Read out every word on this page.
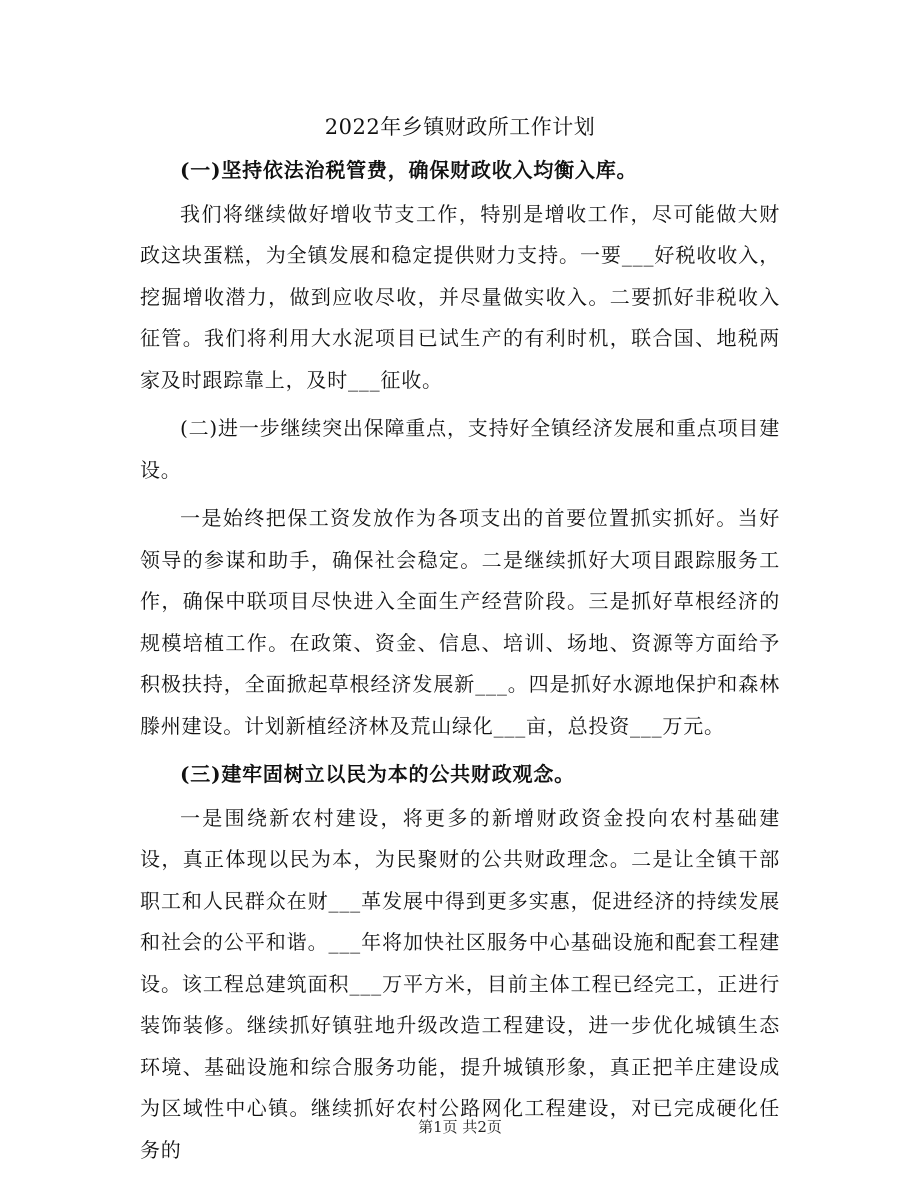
2022年乡镇财政所工作计划

(一)坚持依法治税管费，确保财政收入均衡入库。

我们将继续做好增收节支工作，特别是增收工作，尽可能做大财政这块蛋糕，为全镇发展和稳定提供财力支持。一要___好税收收入，挖掘增收潜力，做到应收尽收，并尽量做实收入。二要抓好非税收入征管。我们将利用大水泥项目已试生产的有利时机，联合国、地税两家及时跟踪靠上，及时___征收。

(二)进一步继续突出保障重点，支持好全镇经济发展和重点项目建设。

一是始终把保工资发放作为各项支出的首要位置抓实抓好。当好领导的参谋和助手，确保社会稳定。二是继续抓好大项目跟踪服务工作，确保中联项目尽快进入全面生产经营阶段。三是抓好草根经济的规模培植工作。在政策、资金、信息、培训、场地、资源等方面给予积极扶持，全面掀起草根经济发展新___。四是抓好水源地保护和森林滕州建设。计划新植经济林及荒山绿化___亩，总投资___万元。

(三)建牢固树立以民为本的公共财政观念。

一是围绕新农村建设，将更多的新增财政资金投向农村基础建设，真正体现以民为本，为民聚财的公共财政理念。二是让全镇干部职工和人民群众在财___革发展中得到更多实惠，促进经济的持续发展和社会的公平和谐。___年将加快社区服务中心基础设施和配套工程建设。该工程总建筑面积___万平方米，目前主体工程已经完工，正进行装饰装修。继续抓好镇驻地升级改造工程建设，进一步优化城镇生态环境、基础设施和综合服务功能，提升城镇形象，真正把羊庄建设成为区域性中心镇。继续抓好农村公路网化工程建设，对已完成硬化任务的

第1页 共2页
